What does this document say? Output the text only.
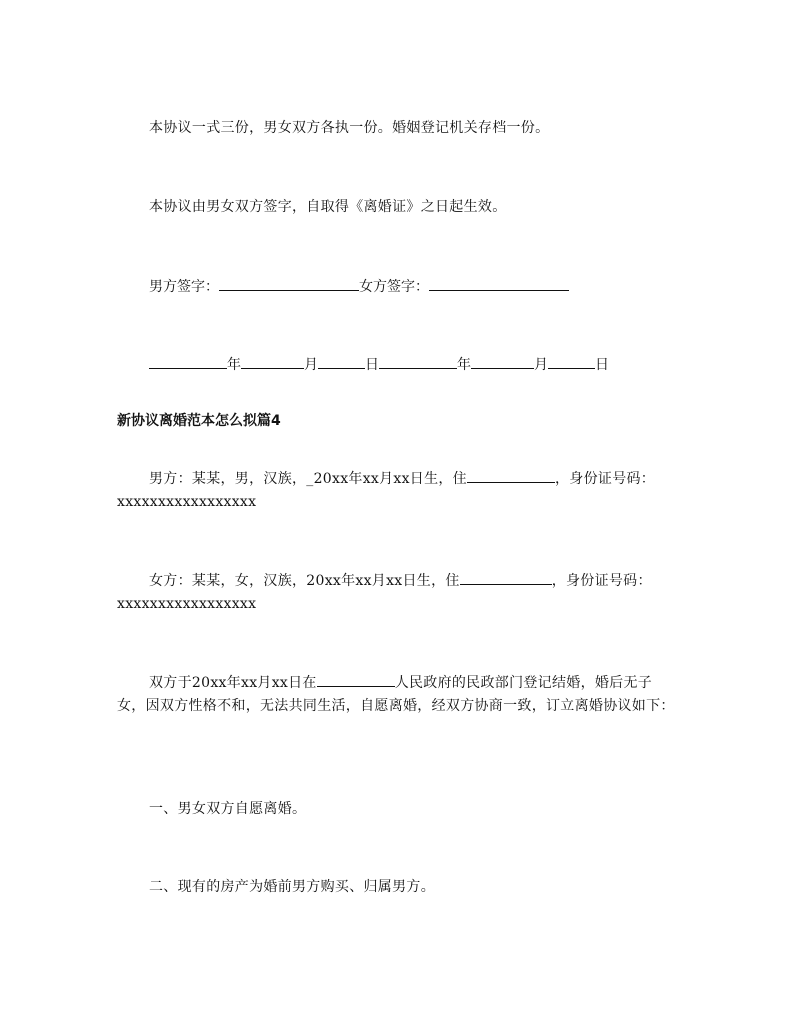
本协议一式三份，男女双方各执一份。婚姻登记机关存档一份。

本协议由男女双方签字，自取得《离婚证》之日起生效。

男方签字：	女方签字：

年	月	日	年	月	日

新协议离婚范本怎么拟篇4

男方：某某，男，汉族，_20xx年xx月xx日生，住	，身份证号码：xxxxxxxxxxxxxxxxx

女方：某某，女，汉族，20xx年xx月xx日生，住	，身份证号码：xxxxxxxxxxxxxxxxx

双方于20xx年xx月xx日在	人民政府的民政部门登记结婚，婚后无子女，因双方性格不和，无法共同生活，自愿离婚，经双方协商一致，订立离婚协议如下：

一、男女双方自愿离婚。

二、现有的房产为婚前男方购买、归属男方。
